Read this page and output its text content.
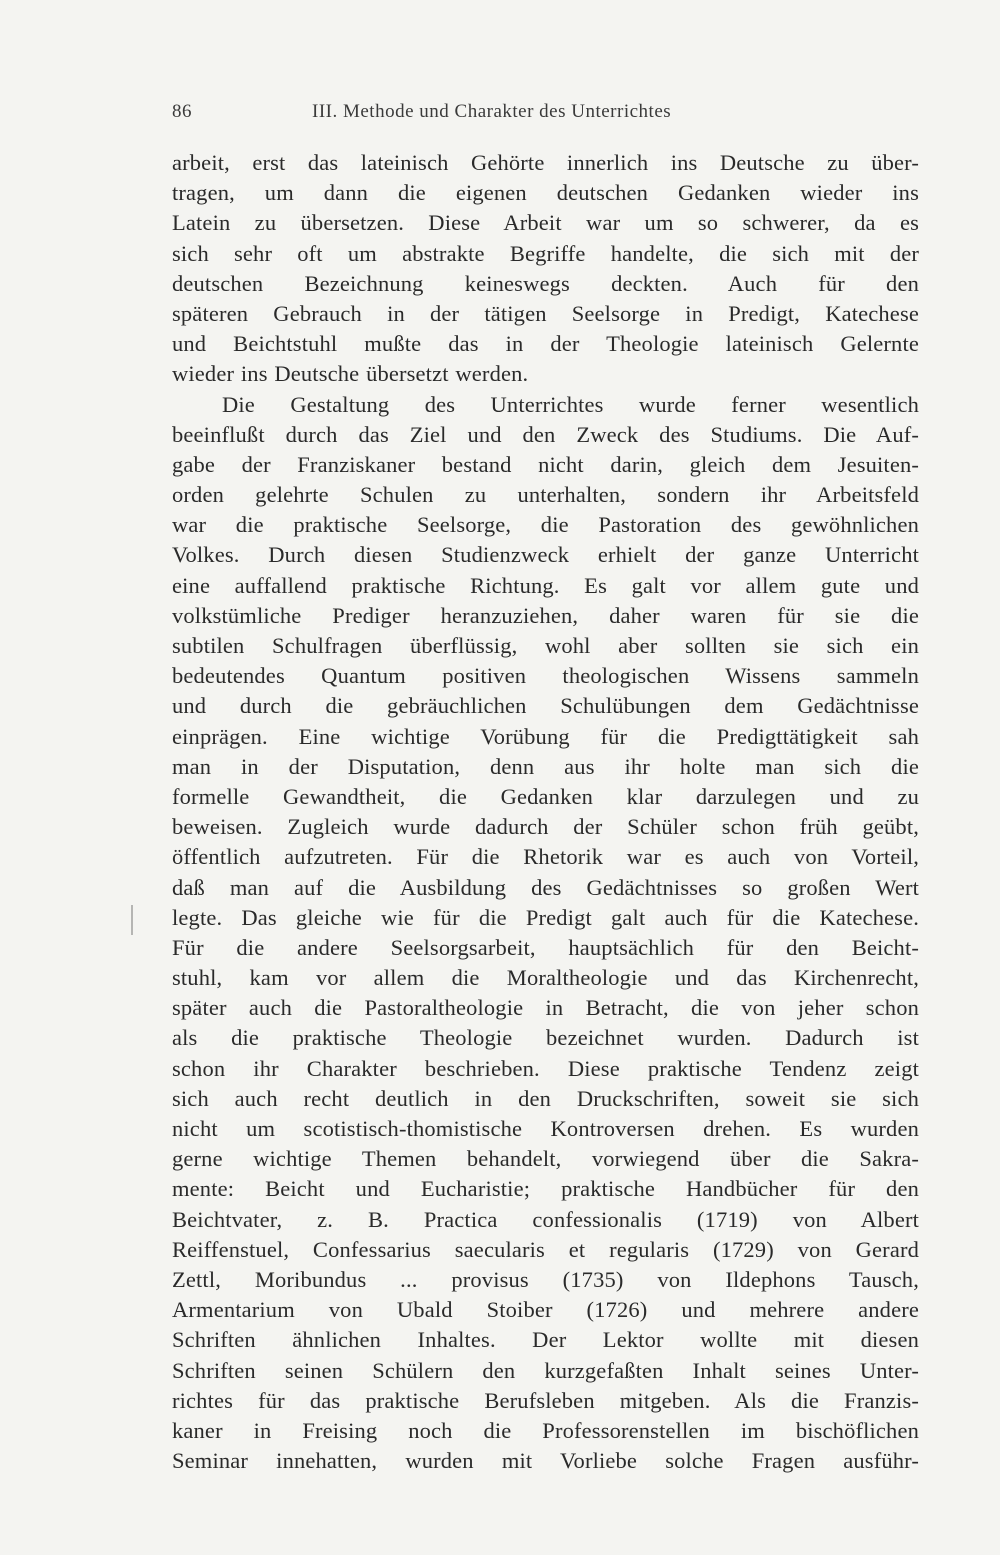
86	III. Methode und Charakter des Unterrichtes
arbeit, erst das lateinisch Gehörte innerlich ins Deutsche zu über-
tragen, um dann die eigenen deutschen Gedanken wieder ins
Latein zu übersetzen. Diese Arbeit war um so schwerer, da es
sich sehr oft um abstrakte Begriffe handelte, die sich mit der
deutschen Bezeichnung keineswegs deckten. Auch für den
späteren Gebrauch in der tätigen Seelsorge in Predigt, Katechese
und Beichtstuhl mußte das in der Theologie lateinisch Gelernte
wieder ins Deutsche übersetzt werden.
Die Gestaltung des Unterrichtes wurde ferner wesentlich
beeinflußt durch das Ziel und den Zweck des Studiums. Die Auf-
gabe der Franziskaner bestand nicht darin, gleich dem Jesuiten-
orden gelehrte Schulen zu unterhalten, sondern ihr Arbeitsfeld
war die praktische Seelsorge, die Pastoration des gewöhnlichen
Volkes. Durch diesen Studienzweck erhielt der ganze Unterricht
eine auffallend praktische Richtung. Es galt vor allem gute und
volkstümliche Prediger heranzuziehen, daher waren für sie die
subtilen Schulfragen überflüssig, wohl aber sollten sie sich ein
bedeutendes Quantum positiven theologischen Wissens sammeln
und durch die gebräuchlichen Schulübungen dem Gedächtnisse
einprägen. Eine wichtige Vorübung für die Predigttätigkeit sah
man in der Disputation, denn aus ihr holte man sich die
formelle Gewandtheit, die Gedanken klar darzulegen und zu
beweisen. Zugleich wurde dadurch der Schüler schon früh geübt,
öffentlich aufzutreten. Für die Rhetorik war es auch von Vorteil,
daß man auf die Ausbildung des Gedächtnisses so großen Wert
legte. Das gleiche wie für die Predigt galt auch für die Katechese.
Für die andere Seelsorgsarbeit, hauptsächlich für den Beicht-
stuhl, kam vor allem die Moraltheologie und das Kirchenrecht,
später auch die Pastoraltheologie in Betracht, die von jeher schon
als die praktische Theologie bezeichnet wurden. Dadurch ist
schon ihr Charakter beschrieben. Diese praktische Tendenz zeigt
sich auch recht deutlich in den Druckschriften, soweit sie sich
nicht um scotistisch-thomistische Kontroversen drehen. Es wurden
gerne wichtige Themen behandelt, vorwiegend über die Sakra-
mente: Beicht und Eucharistie; praktische Handbücher für den
Beichtvater, z. B. Practica confessionalis (1719) von Albert
Reiffenstuel, Confessarius saecularis et regularis (1729) von Gerard
Zettl, Moribundus ... provisus (1735) von Ildephons Tausch,
Armentarium von Ubald Stoiber (1726) und mehrere andere
Schriften ähnlichen Inhaltes. Der Lektor wollte mit diesen
Schriften seinen Schülern den kurzgefaßten Inhalt seines Unter-
richtes für das praktische Berufsleben mitgeben. Als die Franzis-
kaner in Freising noch die Professorenstellen im bischöflichen
Seminar innehatten, wurden mit Vorliebe solche Fragen ausführ-
